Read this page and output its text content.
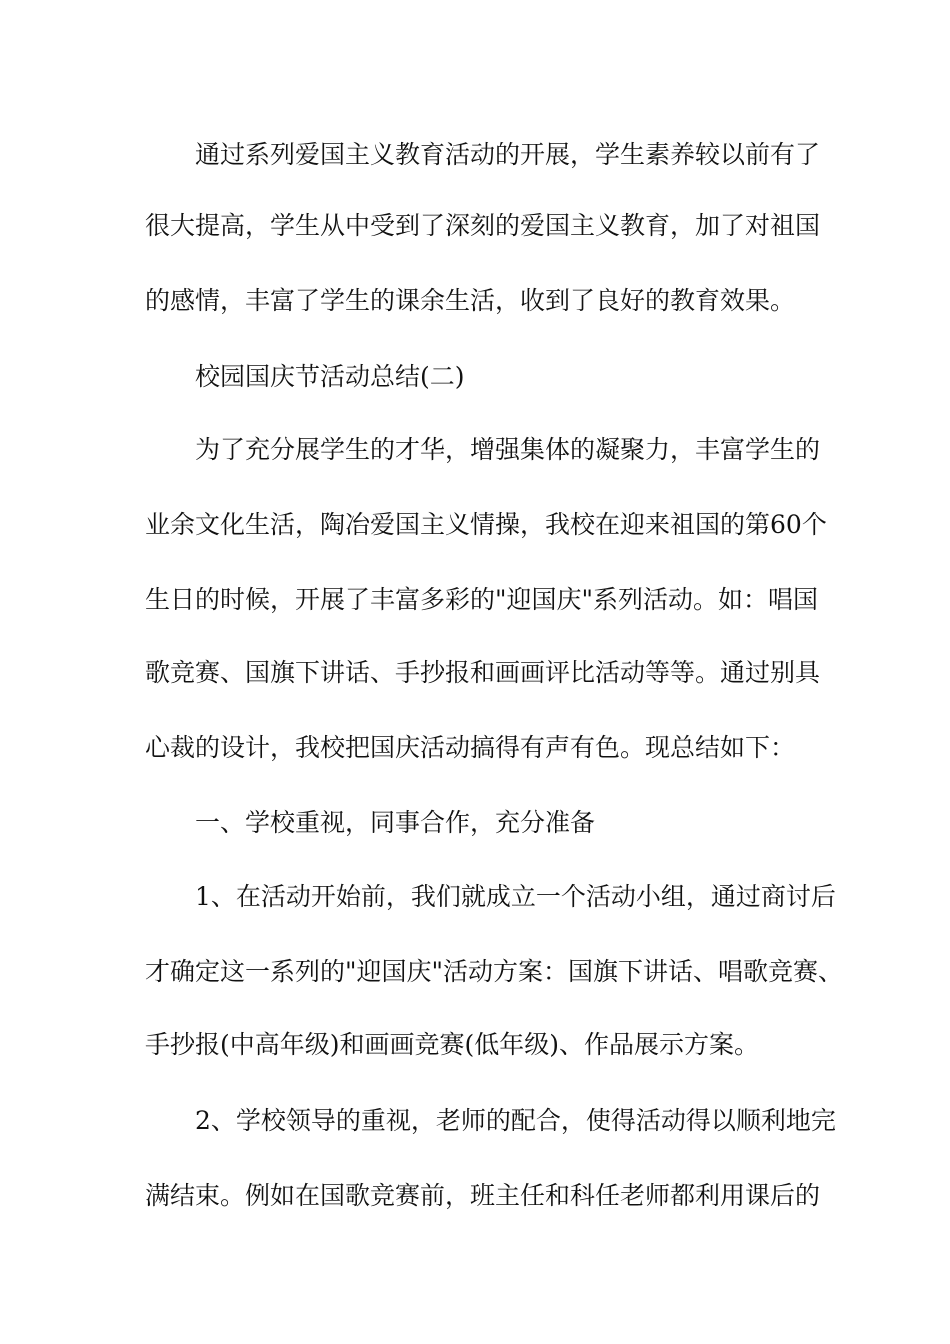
通过系列爱国主义教育活动的开展，学生素养较以前有了

很大提高，学生从中受到了深刻的爱国主义教育，加了对祖国

的感情，丰富了学生的课余生活，收到了良好的教育效果。

校园国庆节活动总结(二)

为了充分展学生的才华，增强集体的凝聚力，丰富学生的

业余文化生活，陶冶爱国主义情操，我校在迎来祖国的第60个

生日的时候，开展了丰富多彩的"迎国庆"系列活动。如：唱国

歌竞赛、国旗下讲话、手抄报和画画评比活动等等。通过别具

心裁的设计，我校把国庆活动搞得有声有色。现总结如下：

一、学校重视，同事合作，充分准备

1、在活动开始前，我们就成立一个活动小组，通过商讨后

才确定这一系列的"迎国庆"活动方案：国旗下讲话、唱歌竞赛、

手抄报(中高年级)和画画竞赛(低年级)、作品展示方案。

2、学校领导的重视，老师的配合，使得活动得以顺利地完

满结束。例如在国歌竞赛前，班主任和科任老师都利用课后的
